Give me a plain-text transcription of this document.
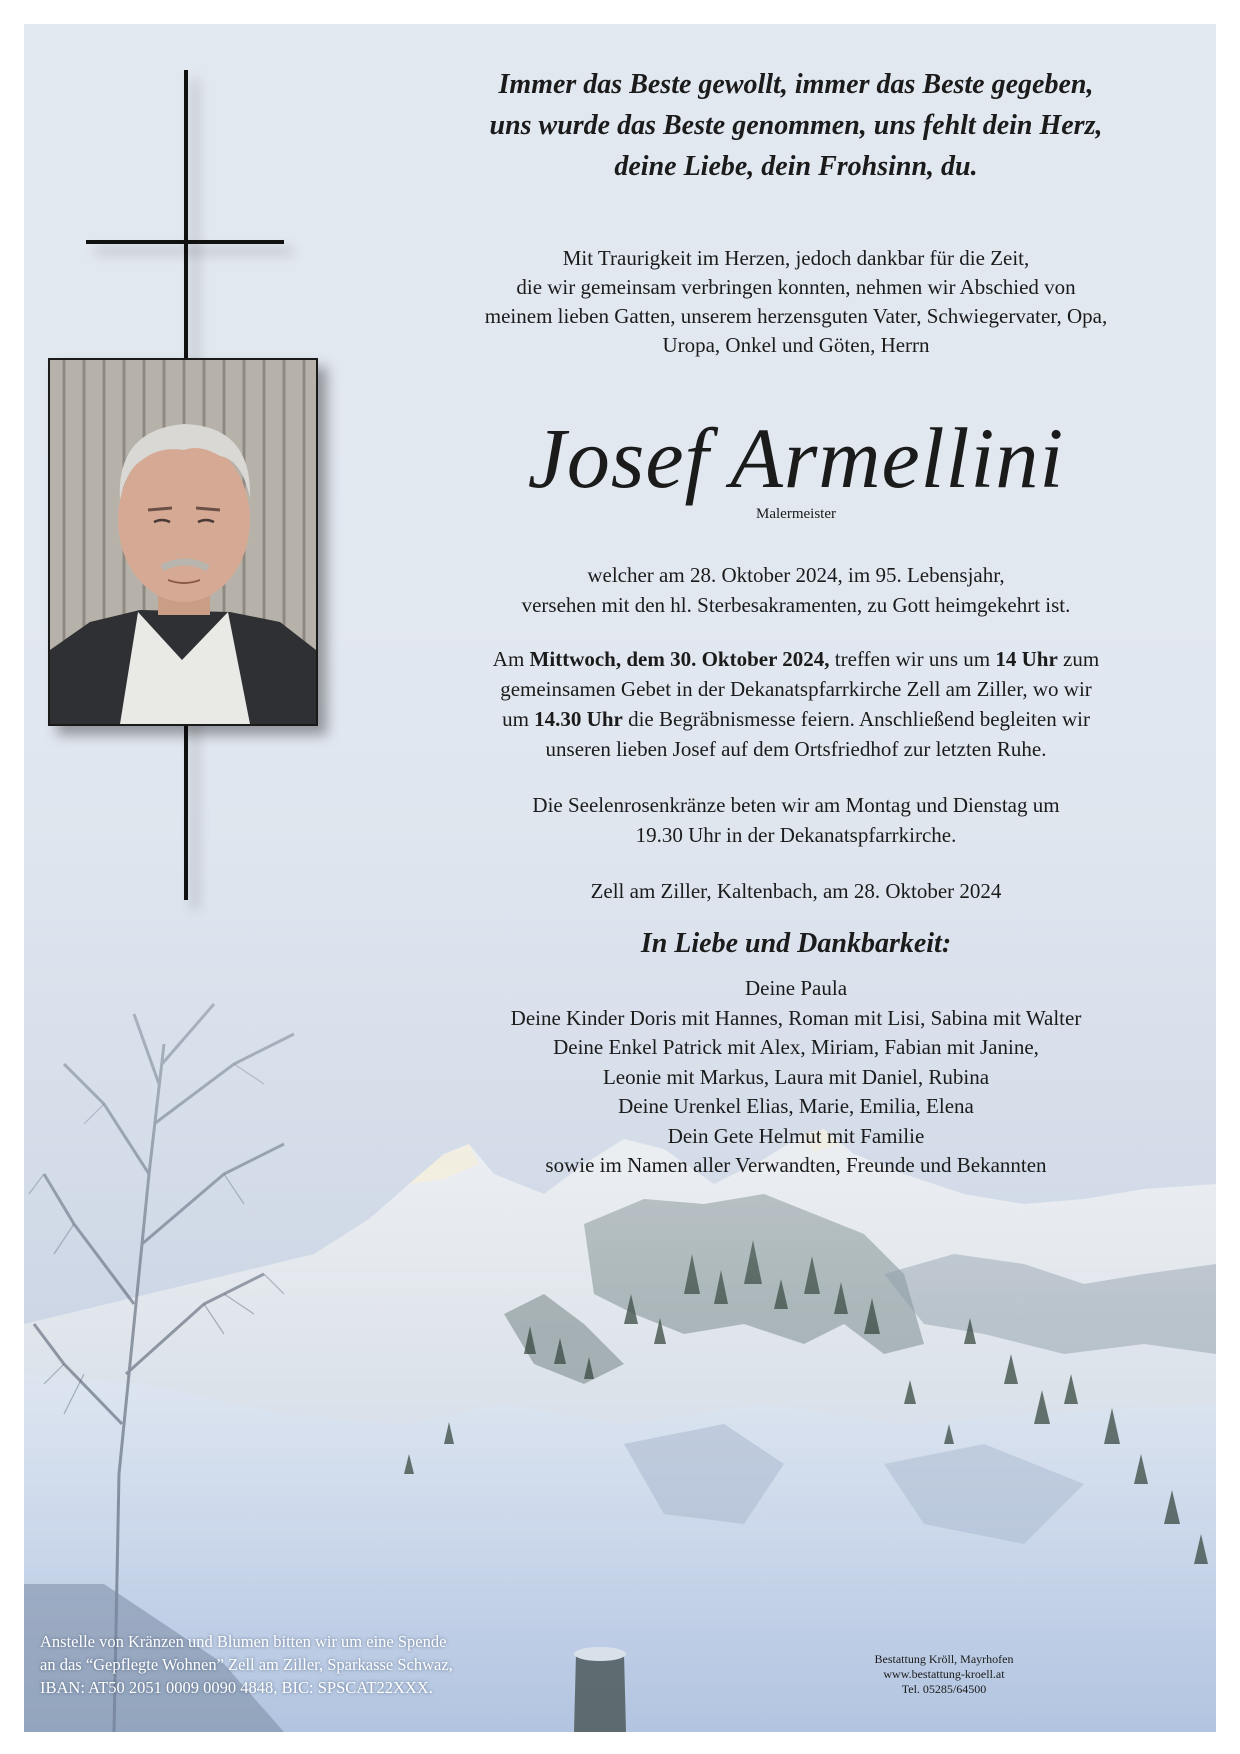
Immer das Beste gewollt, immer das Beste gegeben,
uns wurde das Beste genommen, uns fehlt dein Herz,
deine Liebe, dein Frohsinn, du.
Mit Traurigkeit im Herzen, jedoch dankbar für die Zeit,
die wir gemeinsam verbringen konnten, nehmen wir Abschied von
meinem lieben Gatten, unserem herzensguten Vater, Schwiegervater, Opa,
Uropa, Onkel und Göten, Herrn
Josef Armellini
Malermeister
welcher am 28. Oktober 2024, im 95. Lebensjahr,
versehen mit den hl. Sterbesakramenten, zu Gott heimgekehrt ist.
Am Mittwoch, dem 30. Oktober 2024, treffen wir uns um 14 Uhr zum
gemeinsamen Gebet in der Dekanatspfarrkirche Zell am Ziller, wo wir
um 14.30 Uhr die Begräbnismesse feiern. Anschließend begleiten wir
unseren lieben Josef auf dem Ortsfriedhof zur letzten Ruhe.
Die Seelenrosenkränze beten wir am Montag und Dienstag um
19.30 Uhr in der Dekanatspfarrkirche.
Zell am Ziller, Kaltenbach, am 28. Oktober 2024
In Liebe und Dankbarkeit:
Deine Paula
Deine Kinder Doris mit Hannes, Roman mit Lisi, Sabina mit Walter
Deine Enkel Patrick mit Alex, Miriam, Fabian mit Janine,
Leonie mit Markus, Laura mit Daniel, Rubina
Deine Urenkel Elias, Marie, Emilia, Elena
Dein Gete Helmut mit Familie
sowie im Namen aller Verwandten, Freunde und Bekannten
Anstelle von Kränzen und Blumen bitten wir um eine Spende
an das “Gepflegte Wohnen” Zell am Ziller, Sparkasse Schwaz,
IBAN: AT50 2051 0009 0090 4848, BIC: SPSCAT22XXX.
Bestattung Kröll, Mayrhofen
www.bestattung-kroell.at
Tel. 05285/64500
